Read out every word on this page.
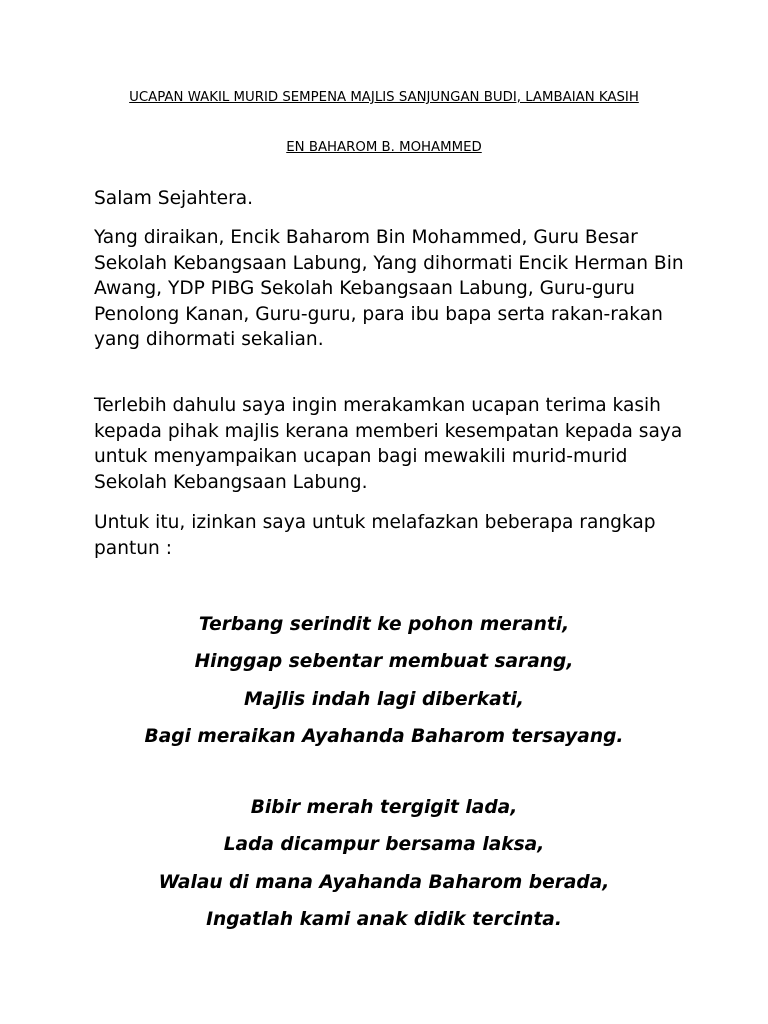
UCAPAN WAKIL MURID SEMPENA MAJLIS SANJUNGAN BUDI, LAMBAIAN KASIH
EN BAHAROM B. MOHAMMED

Salam Sejahtera.

Yang diraikan, Encik Baharom Bin Mohammed, Guru Besar Sekolah Kebangsaan Labung, Yang dihormati Encik Herman Bin Awang, YDP PIBG Sekolah Kebangsaan Labung, Guru-guru Penolong Kanan, Guru-guru, para ibu bapa serta rakan-rakan yang dihormati sekalian.

Terlebih dahulu saya ingin merakamkan ucapan terima kasih kepada pihak majlis kerana memberi kesempatan kepada saya untuk menyampaikan ucapan bagi mewakili murid-murid Sekolah Kebangsaan Labung.

Untuk itu, izinkan saya untuk melafazkan beberapa rangkap pantun :

Terbang serindit ke pohon meranti,
Hinggap sebentar membuat sarang,
Majlis indah lagi diberkati,
Bagi meraikan Ayahanda Baharom tersayang.
Bibir merah tergigit lada,
Lada dicampur bersama laksa,
Walau di mana Ayahanda Baharom berada,
Ingatlah kami anak didik tercinta.
